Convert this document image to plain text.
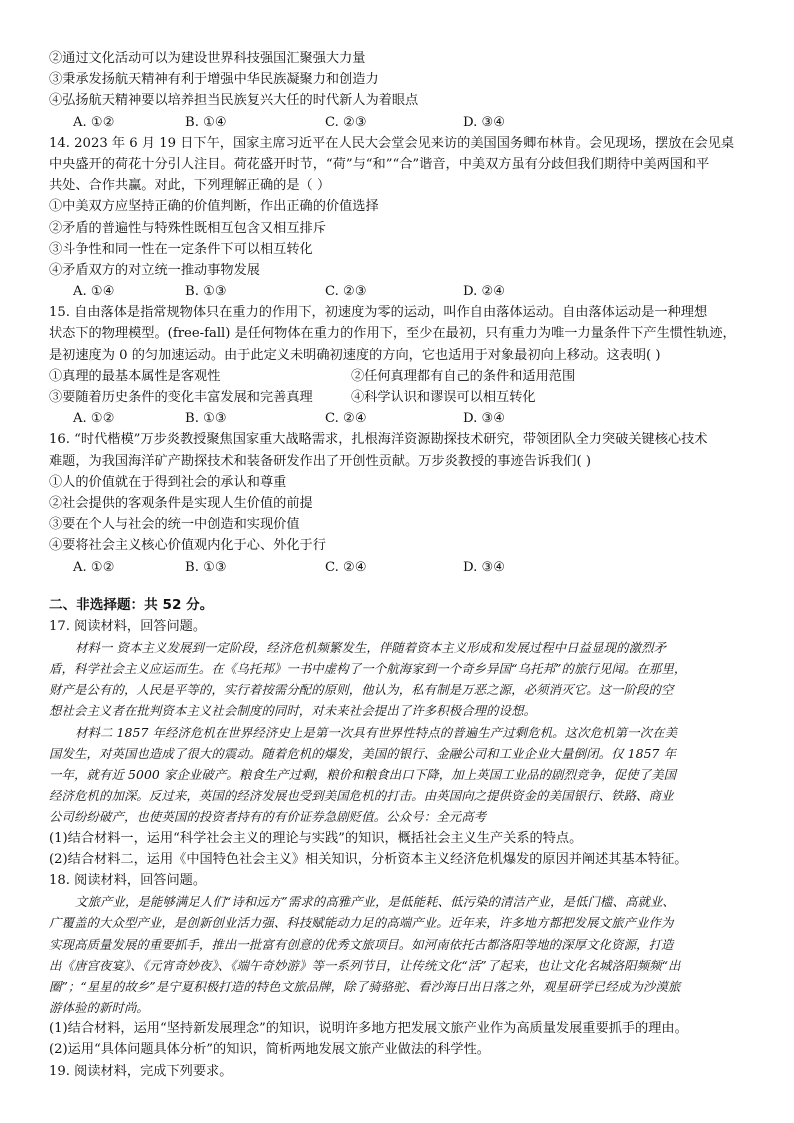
②通过文化活动可以为建设世界科技强国汇聚强大力量
③秉承发扬航天精神有利于增强中华民族凝聚力和创造力
④弘扬航天精神要以培养担当民族复兴大任的时代新人为着眼点
A. ①②	B. ①④	C. ②③	D. ③④
14. 2023 年 6 月 19 日下午，国家主席习近平在人民大会堂会见来访的美国国务卿布林肯。会见现场，摆放在会见桌
中央盛开的荷花十分引人注目。荷花盛开时节，“荷”与“和”“合”谐音，中美双方虽有分歧但我们期待中美两国和平
共处、合作共赢。对此，下列理解正确的是（ ）
①中美双方应坚持正确的价值判断，作出正确的价值选择
②矛盾的普遍性与特殊性既相互包含又相互排斥
③斗争性和同一性在一定条件下可以相互转化
④矛盾双方的对立统一推动事物发展
A. ①④	B. ①③	C. ②③	D. ②④
15. 自由落体是指常规物体只在重力的作用下，初速度为零的运动，叫作自由落体运动。自由落体运动是一种理想
状态下的物理模型。(free-fall) 是任何物体在重力的作用下，至少在最初，只有重力为唯一力量条件下产生惯性轨迹，
是初速度为 0 的匀加速运动。由于此定义未明确初速度的方向，它也适用于对象最初向上移动。这表明( )
①真理的最基本属性是客观性	②任何真理都有自己的条件和适用范围
③要随着历史条件的变化丰富发展和完善真理	④科学认识和谬误可以相互转化
A. ①②	B. ①③	C. ②④	D. ③④
16. “时代楷模”万步炎教授聚焦国家重大战略需求，扎根海洋资源勘探技术研究，带领团队全力突破关键核心技术
难题，为我国海洋矿产勘探技术和装备研发作出了开创性贡献。万步炎教授的事迹告诉我们( )
①人的价值就在于得到社会的承认和尊重
②社会提供的客观条件是实现人生价值的前提
③要在个人与社会的统一中创造和实现价值
④要将社会主义核心价值观内化于心、外化于行
A. ①②	B. ①③	C. ②④	D. ③④
二、非选择题：共 52 分。
17. 阅读材料，回答问题。
材料一 资本主义发展到一定阶段，经济危机频繁发生，伴随着资本主义形成和发展过程中日益显现的激烈矛
盾，科学社会主义应运而生。在《乌托邦》一书中虚构了一个航海家到一个奇乡异国“乌托邦”的旅行见闻。在那里，
财产是公有的，人民是平等的，实行着按需分配的原则，他认为，私有制是万恶之源，必须消灭它。这一阶段的空
想社会主义者在批判资本主义社会制度的同时，对未来社会提出了许多积极合理的设想。
材料二 1857 年经济危机在世界经济史上是第一次具有世界性特点的普遍生产过剩危机。这次危机第一次在美
国发生，对英国也造成了很大的震动。随着危机的爆发，美国的银行、金融公司和工业企业大量倒闭。仅 1857 年
一年，就有近 5000 家企业破产。粮食生产过剩，粮价和粮食出口下降，加上英国工业品的剧烈竞争，促使了美国
经济危机的加深。反过来，英国的经济发展也受到美国危机的打击。由英国向之提供资金的美国银行、铁路、商业
公司纷纷破产，也使英国的投资者持有的有价证券急剧贬值。公众号：全元高考
(1)结合材料一，运用“科学社会主义的理论与实践”的知识，概括社会主义生产关系的特点。
(2)结合材料二，运用《中国特色社会主义》相关知识，分析资本主义经济危机爆发的原因并阐述其基本特征。
18. 阅读材料，回答问题。
文旅产业，是能够满足人们“诗和远方”需求的高雅产业，是低能耗、低污染的清洁产业，是低门槛、高就业、
广覆盖的大众型产业，是创新创业活力强、科技赋能动力足的高端产业。近年来，许多地方都把发展文旅产业作为
实现高质量发展的重要抓手，推出一批富有创意的优秀文旅项目。如河南依托古都洛阳等地的深厚文化资源，打造
出《唐宫夜宴》、《元宵奇妙夜》、《端午奇妙游》等一系列节目，让传统文化“活”了起来，也让文化名城洛阳频频“出
圈”；“星星的故乡”是宁夏积极打造的特色文旅品牌，除了骑骆驼、看沙海日出日落之外，观星研学已经成为沙漠旅
游体验的新时尚。
(1)结合材料，运用“坚持新发展理念”的知识，说明许多地方把发展文旅产业作为高质量发展重要抓手的理由。
(2)运用“具体问题具体分析”的知识，简析两地发展文旅产业做法的科学性。
19. 阅读材料，完成下列要求。
